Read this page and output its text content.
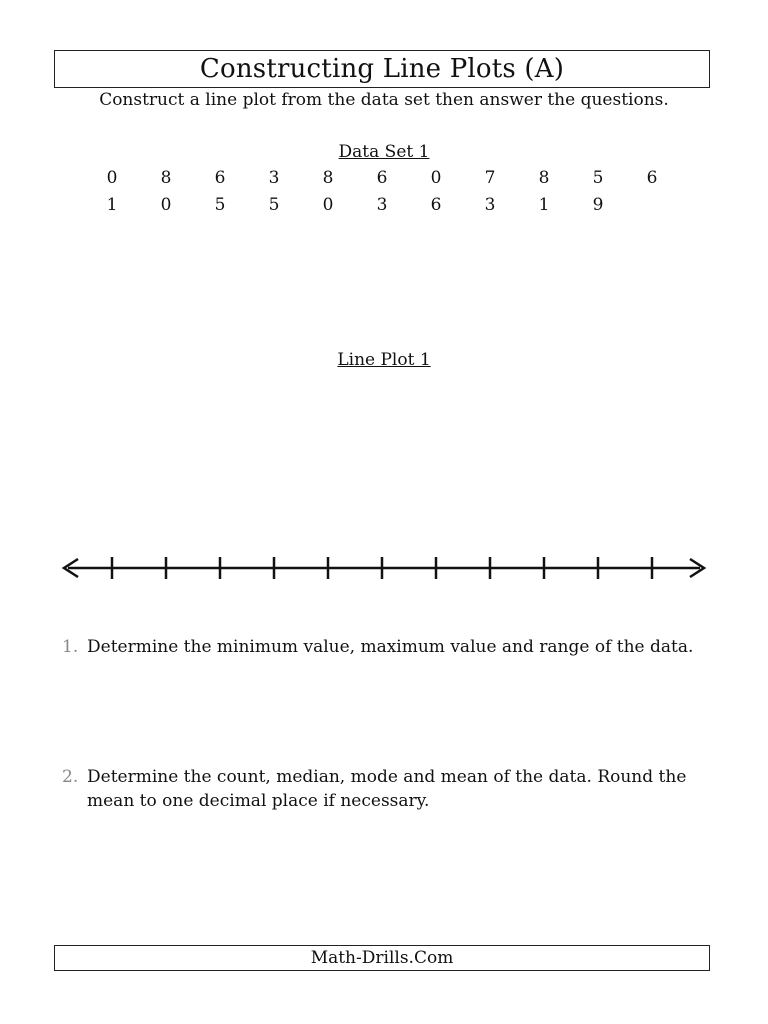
Constructing Line Plots (A)
Construct a line plot from the data set then answer the questions.
Data Set 1
0	8	6	3	8	6	0	7	8	5	6
1	0	5	5	0	3	6	3	1	9
Line Plot 1
1. Determine the minimum value, maximum value and range of the data.
2. Determine the count, median, mode and mean of the data. Round the mean to one decimal place if necessary.
Math-Drills.Com
